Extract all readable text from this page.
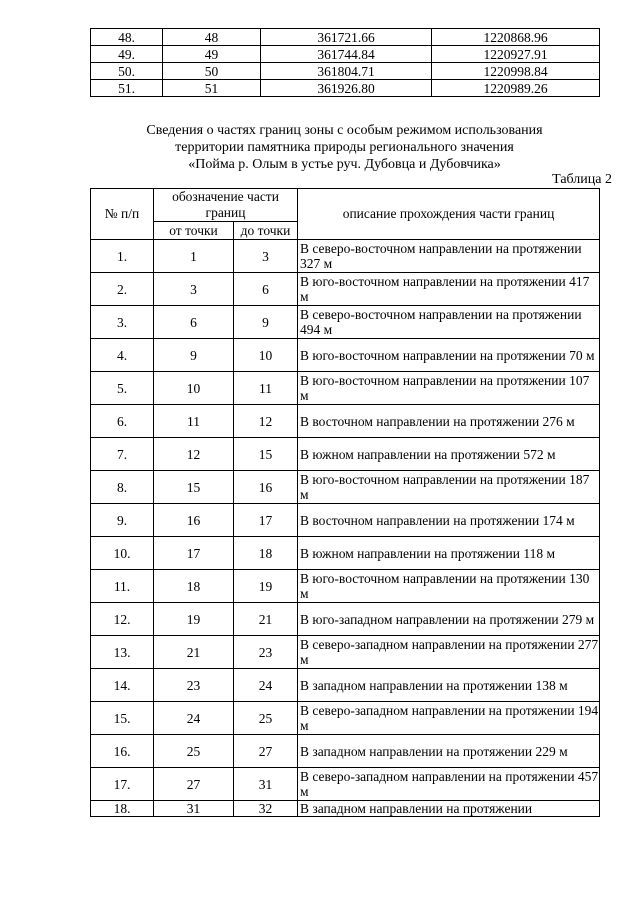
48.	48	361721.66	1220868.96
49.	49	361744.84	1220927.91
50.	50	361804.71	1220998.84
51.	51	361926.80	1220989.26
Сведения о частях границ зоны с особым режимом использования
территории памятника природы регионального значения
«Пойма р. Олым в устье руч. Дубовца и Дубовчика»
Таблица 2
№ п/п	обозначение части границ		описание прохождения части границ
	от точки	до точки	
1.	1	3	В северо-восточном направлении на протяжении 327 м
2.	3	6	В юго-восточном направлении на протяжении 417 м
3.	6	9	В северо-восточном направлении на протяжении 494 м
4.	9	10	В юго-восточном направлении на протяжении 70 м
5.	10	11	В юго-восточном направлении на протяжении 107 м
6.	11	12	В восточном направлении на протяжении 276 м
7.	12	15	В южном направлении на протяжении 572 м
8.	15	16	В юго-восточном направлении на протяжении 187 м
9.	16	17	В восточном направлении на протяжении 174 м
10.	17	18	В южном направлении на протяжении 118 м
11.	18	19	В юго-восточном направлении на протяжении 130 м
12.	19	21	В юго-западном направлении на протяжении 279 м
13.	21	23	В северо-западном направлении на протяжении 277 м
14.	23	24	В западном направлении на протяжении 138 м
15.	24	25	В северо-западном направлении на протяжении 194 м
16.	25	27	В западном направлении на протяжении 229 м
17.	27	31	В северо-западном направлении на протяжении 457 м
18.	31	32	В западном направлении на протяжении
